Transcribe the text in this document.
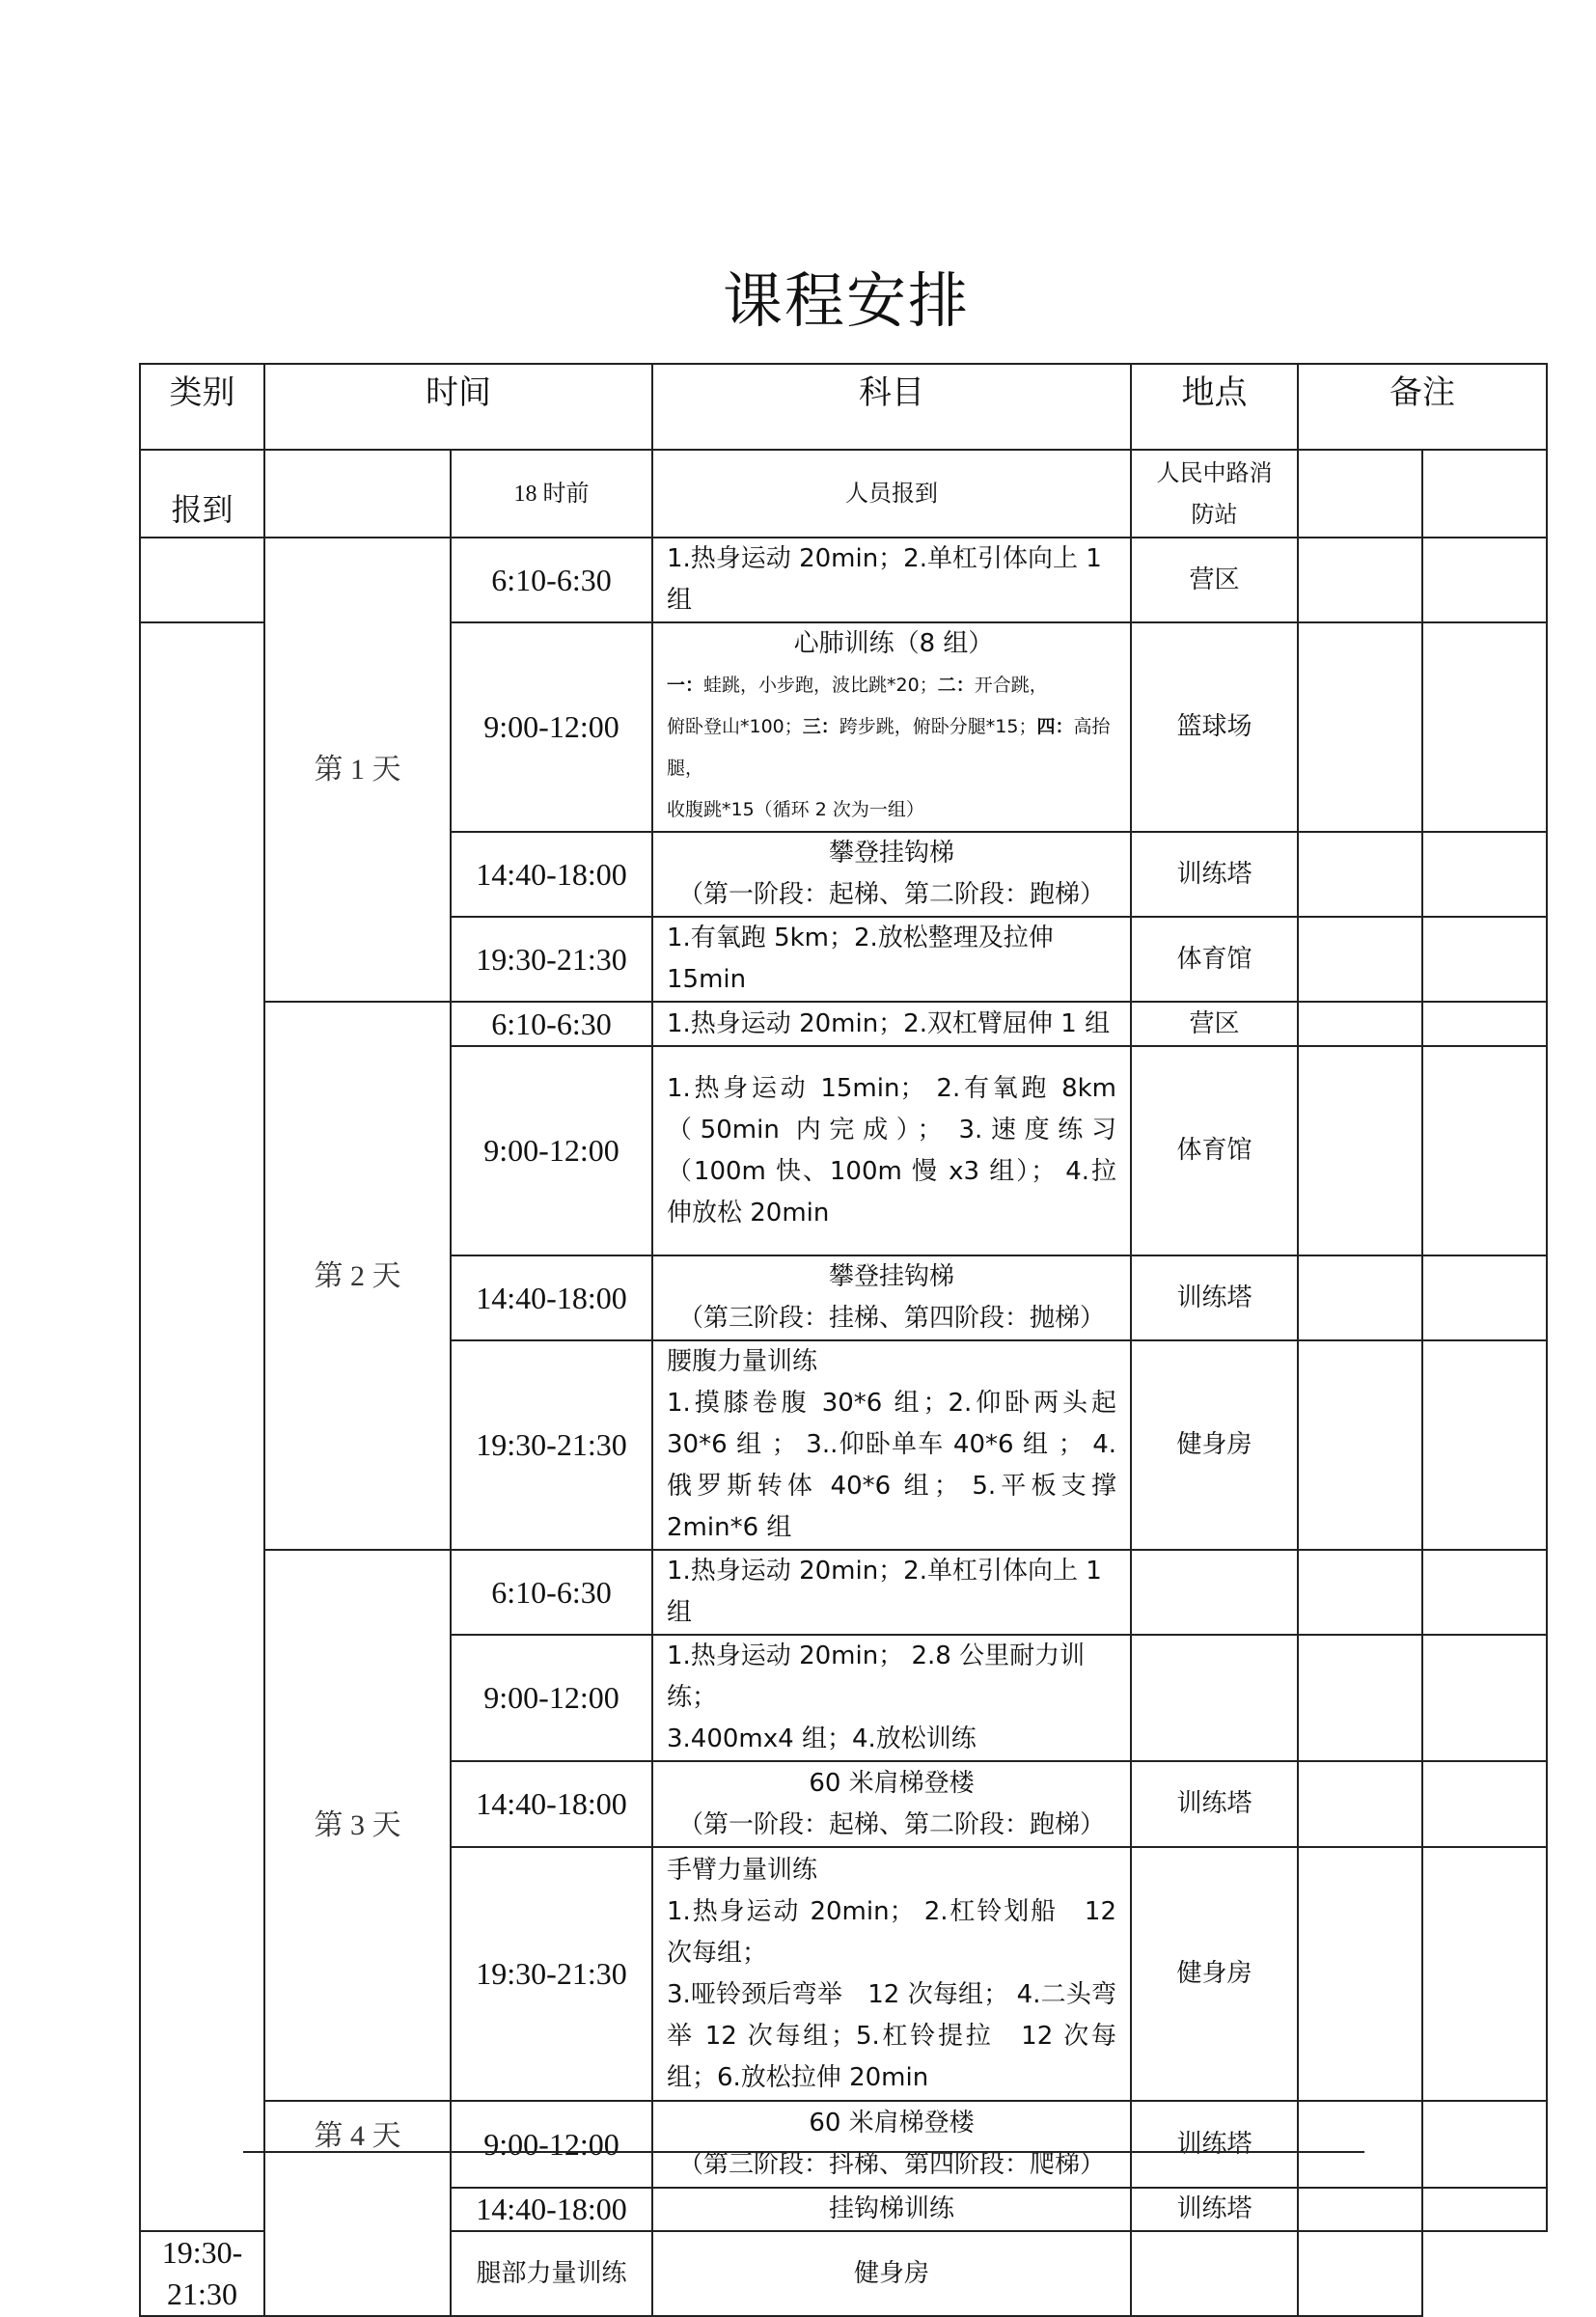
课程安排
类别	时间		科目	地点	备注	
报到		18 时前	人员报到	人民中路消
防站		

	第 1 天	6:10-6:30	1.热身运动 20min；2.单杠引体向上 1 组	营区		
		9:00-12:00	心肺训练（8 组）
一：蛙跳，小步跑，波比跳*20；二：开合跳，
俯卧登山*100；三：跨步跳，俯卧分腿*15；四：高抬腿，
收腹跳*15（循环 2 次为一组）	篮球场		
		14:40-18:00	攀登挂钩梯
（第一阶段：起梯、第二阶段：跑梯）	训练塔		
		19:30-21:30	1.有氧跑 5km；2.放松整理及拉伸 15min	体育馆		
	第 2 天	6:10-6:30	1.热身运动 20min；2.双杠臂屈伸 1 组	营区		
		9:00-12:00	1.热身运动 15min； 2.有氧跑 8km （50min 内完成）； 3.速度练习（100m 快、100m 慢 x3 组）； 4.拉伸放松 20min	体育馆		
		14:40-18:00	攀登挂钩梯
（第三阶段：挂梯、第四阶段：抛梯）	训练塔		
		19:30-21:30	腰腹力量训练
1.摸膝卷腹 30*6 组；2.仰卧两头起 30*6 组 ； 3..仰卧单车 40*6 组 ； 4.俄罗斯转体 40*6 组； 5.平板支撑 2min*6 组	健身房		
	第 3 天	6:10-6:30	1.热身运动 20min；2.单杠引体向上 1 组			
		9:00-12:00	1.热身运动 20min； 2.8 公里耐力训练；
3.400mx4 组；4.放松训练			

		14:40-18:00	60 米肩梯登楼
（第一阶段：起梯、第二阶段：跑梯）	训练塔		
		19:30-21:30	手臂力量训练
1.热身运动 20min； 2.杠铃划船　12 次每组；
3.哑铃颈后弯举　12 次每组； 4.二头弯举 12 次每组；5.杠铃提拉　12 次每组；6.放松拉伸 20min	健身房		
	第 4 天	9:00-12:00	60 米肩梯登楼
（第三阶段：抖梯、第四阶段：爬梯）	训练塔		
		14:40-18:00	挂钩梯训练	训练塔		
19:30-21:30		腿部力量训练	健身房			
